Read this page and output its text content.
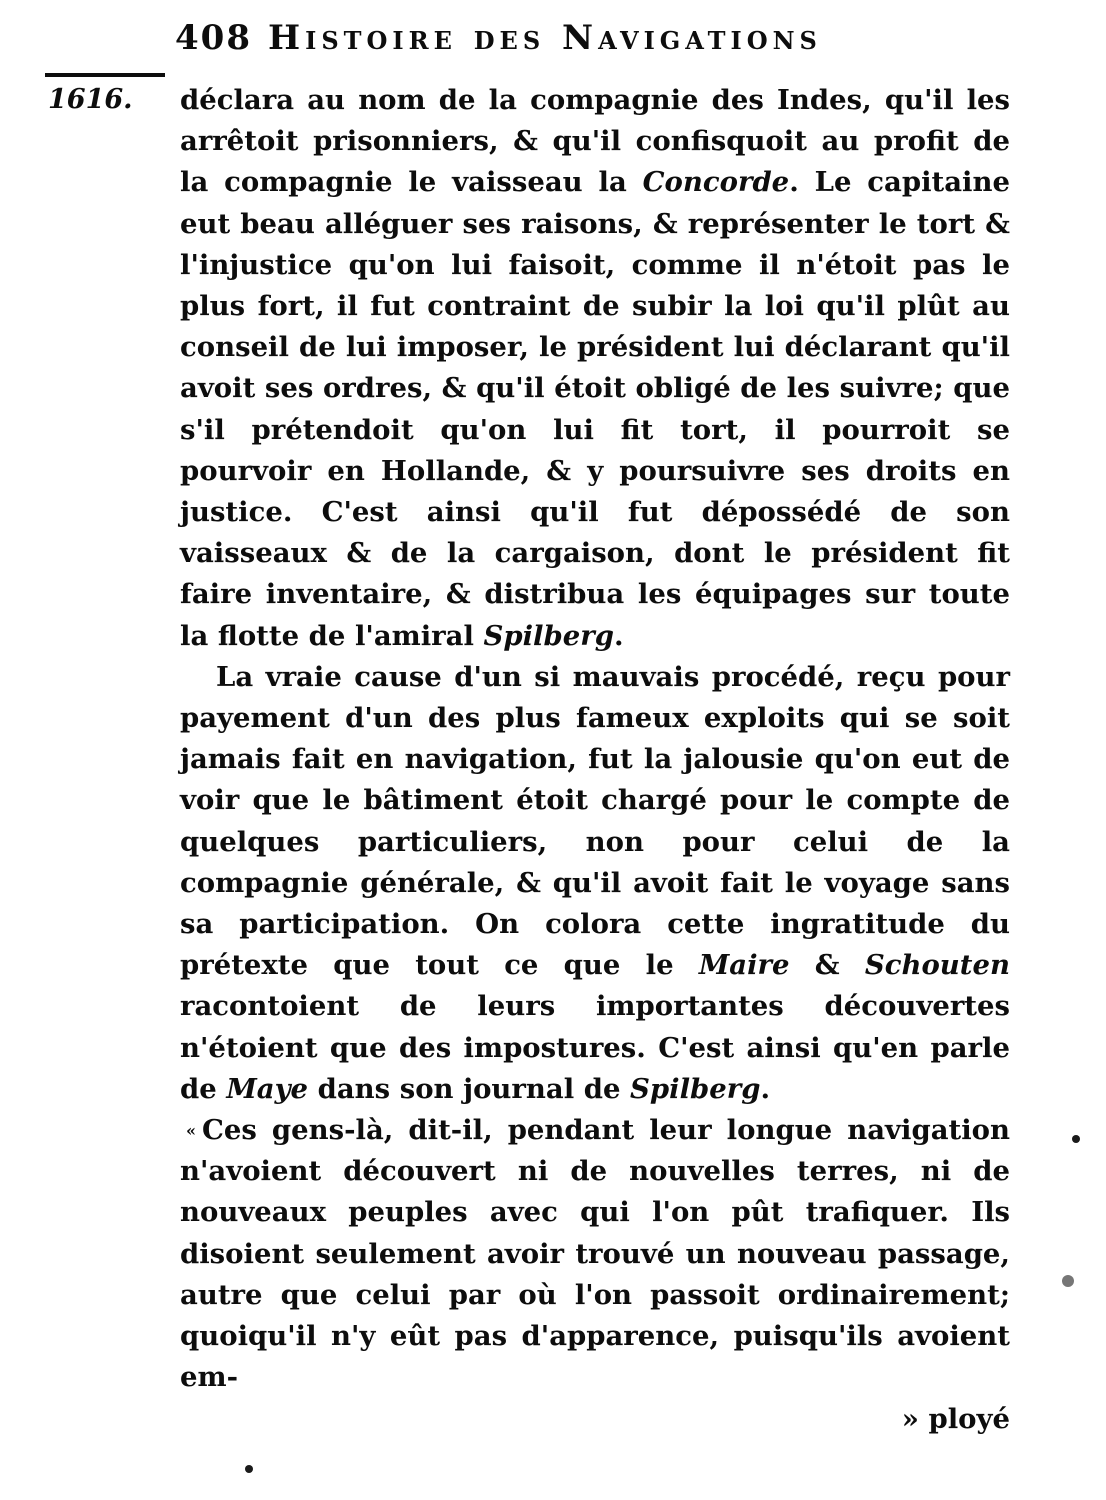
408 Histoire des Navigations
1616. déclara au nom de la compagnie des Indes, qu'il les arrêtoit prisonniers, & qu'il confisquoit au profit de la compagnie le vaisseau la Concorde. Le capitaine eut beau alléguer ses raisons, & représenter le tort & l'injustice qu'on lui faisoit, comme il n'étoit pas le plus fort, il fut contraint de subir la loi qu'il plût au conseil de lui imposer, le président lui déclarant qu'il avoit ses ordres, & qu'il étoit obligé de les suivre; que s'il prétendoit qu'on lui fit tort, il pourroit se pourvoir en Hollande, & y poursuivre ses droits en justice. C'est ainsi qu'il fut dépossédé de son vaisseaux & de la cargaison, dont le président fit faire inventaire, & distribua les équipages sur toute la flotte de l'amiral Spilberg.

La vraie cause d'un si mauvais procédé, reçu pour payement d'un des plus fameux exploits qui se soit jamais fait en navigation, fut la jalousie qu'on eut de voir que le bâtiment étoit chargé pour le compte de quelques particuliers, non pour celui de la compagnie générale, & qu'il avoit fait le voyage sans sa participation. On colora cette ingratitude du prétexte que tout ce que le Maire & Schouten racontoient de leurs importantes découvertes n'étoient que des impostures. C'est ainsi qu'en parle de Maye dans son journal de Spilberg.

« Ces gens-là, dit-il, pendant leur longue navigation n'avoient découvert ni de nouvelles terres, ni de nouveaux peuples avec qui l'on pût trafiquer. Ils disoient seulement avoir trouvé un nouveau passage, autre que celui par où l'on passoit ordinairement; quoiqu'il n'y eût pas d'apparence, puisqu'ils avoient em-

» ployé
